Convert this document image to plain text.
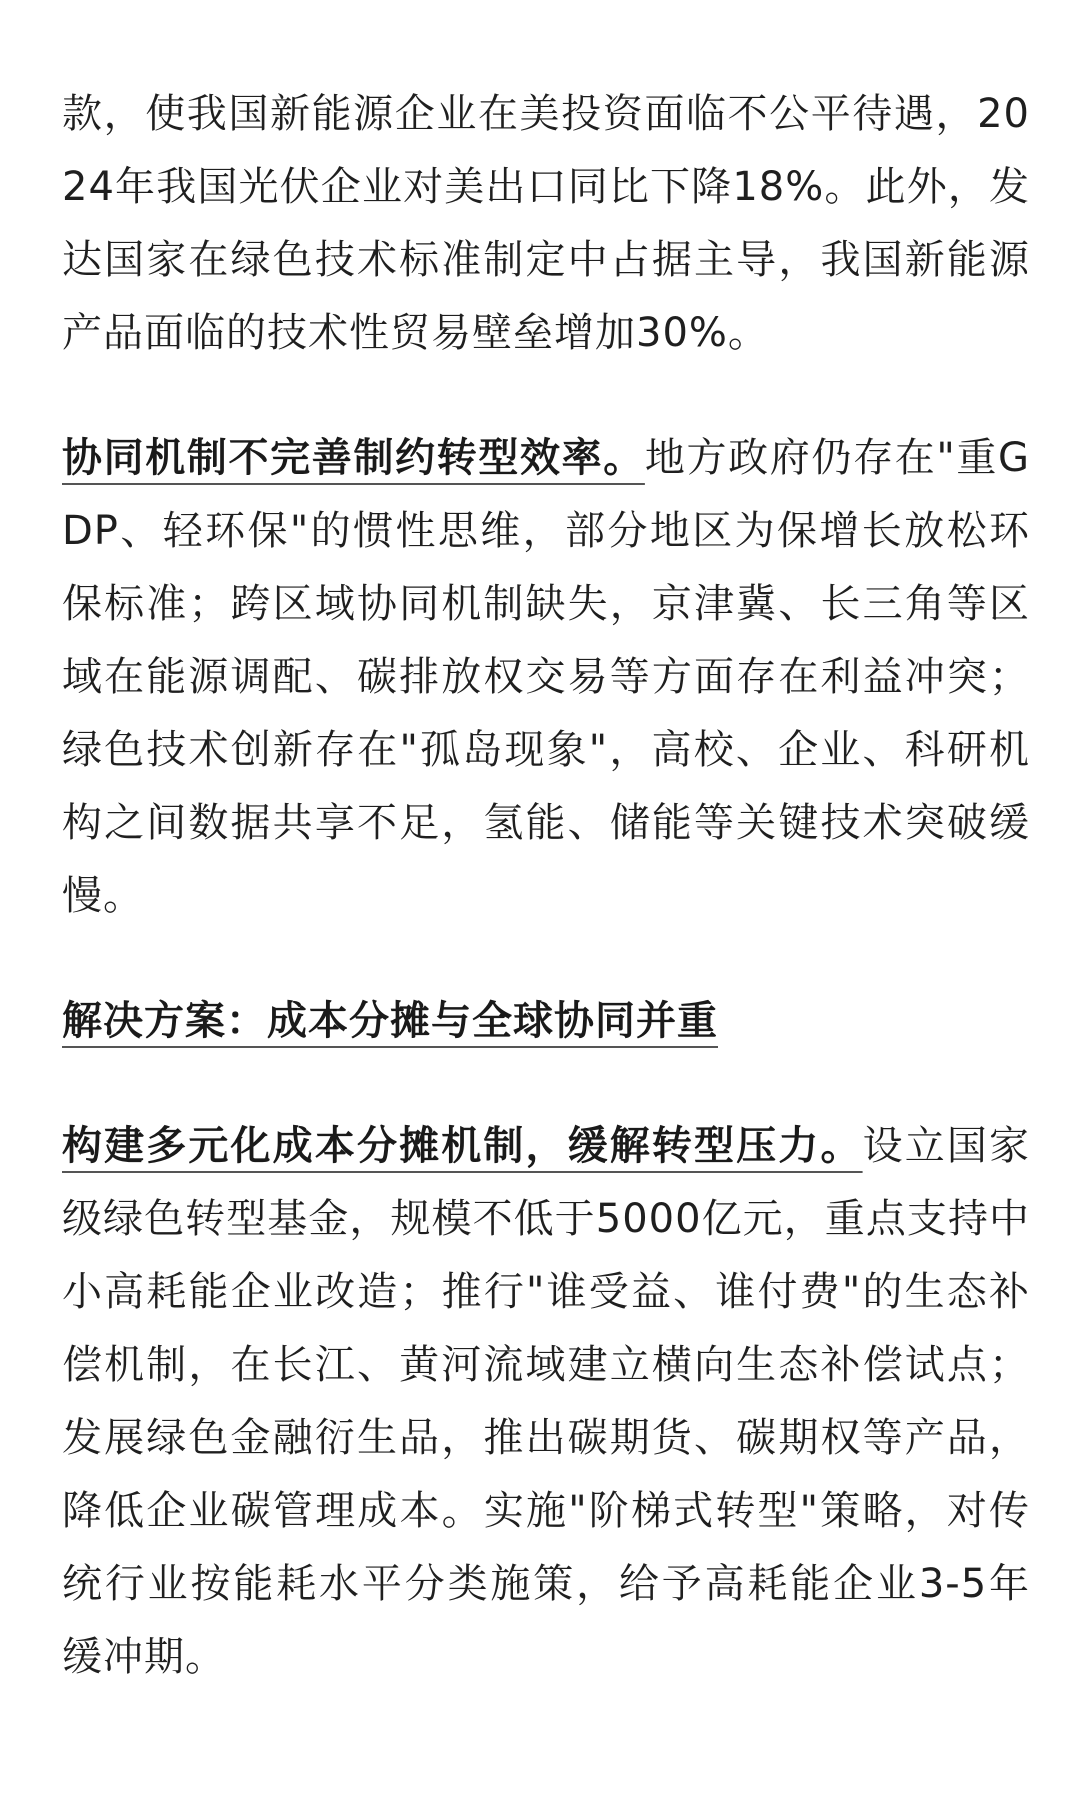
款，使我国新能源企业在美投资面临不公平待遇，2024年我国光伏企业对美出口同比下降18%。此外，发达国家在绿色技术标准制定中占据主导，我国新能源产品面临的技术性贸易壁垒增加30%。

协同机制不完善制约转型效率。地方政府仍存在"重GDP、轻环保"的惯性思维，部分地区为保增长放松环保标准；跨区域协同机制缺失，京津冀、长三角等区域在能源调配、碳排放权交易等方面存在利益冲突；绿色技术创新存在"孤岛现象"，高校、企业、科研机构之间数据共享不足，氢能、储能等关键技术突破缓慢。

解决方案：成本分摊与全球协同并重

构建多元化成本分摊机制，缓解转型压力。设立国家级绿色转型基金，规模不低于5000亿元，重点支持中小高耗能企业改造；推行"谁受益、谁付费"的生态补偿机制，在长江、黄河流域建立横向生态补偿试点；发展绿色金融衍生品，推出碳期货、碳期权等产品，降低企业碳管理成本。实施"阶梯式转型"策略，对传统行业按能耗水平分类施策，给予高耗能企业3-5年缓冲期。
